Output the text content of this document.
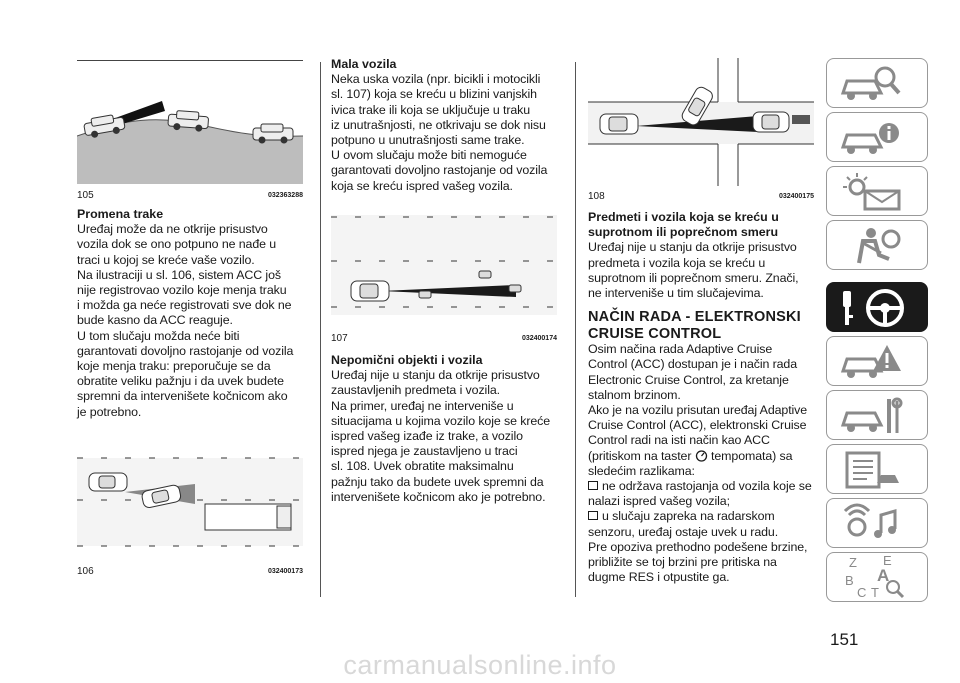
105	032363288

Promena trake

Uređaj može da ne otkrije prisustvo
vozila dok se ono potpuno ne nađe u
traci u kojoj se kreće vaše vozilo.

Na ilustraciji u sl. 106, sistem ACC još
nije registrovao vozilo koje menja traku
i možda ga neće registrovati sve dok ne
bude kasno da ACC reaguje.

U tom slučaju možda neće biti
garantovati dovoljno rastojanje od vozila
koje menja traku: preporučuje se da
obratite veliku pažnju i da uvek budete
spremni da intervenišete kočnicom ako
je potrebno.

106	032400173

Mala vozila

Neka uska vozila (npr. bicikli i motocikli
sl. 107) koja se kreću u blizini vanjskih
ivica trake ili koja se uključuje u traku
iz unutrašnjosti, ne otkrivaju se dok nisu
potpuno u unutrašnjosti same trake.

U ovom slučaju može biti nemoguće
garantovati dovoljno rastojanje od vozila
koja se kreću ispred vašeg vozila.

107	032400174

Nepomični objekti i vozila

Uređaj nije u stanju da otkrije prisustvo
zaustavljenih predmeta i vozila.
Na primer, uređaj ne interveniše u
situacijama u kojima vozilo koje se kreće
ispred vašeg izađe iz trake, a vozilo
ispred njega je zaustavljeno u traci
sl. 108. Uvek obratite maksimalnu
pažnju tako da budete uvek spremni da
intervenišete kočnicom ako je potrebno.

108	032400175

Predmeti i vozila koja se kreću u
suprotnom ili poprečnom smeru

Uređaj nije u stanju da otkrije prisustvo
predmeta i vozila koja se kreću u
suprotnom ili poprečnom smeru. Znači,
ne interveniše u tim slučajevima.

NAČIN RADA - ELEKTRONSKI
CRUISE CONTROL

Osim načina rada Adaptive Cruise
Control (ACC) dostupan je i način rada
Electronic Cruise Control, za kretanje
stalnom brzinom.

Ako je na vozilu prisutan uređaj Adaptive
Cruise Control (ACC), elektronski Cruise
Control radi na isti način kao ACC
(pritiskom na taster  tempomata) sa
sledećim razlikama:

ne održava rastojanja od vozila koje se
nalazi ispred vašeg vozila;

u slučaju zapreka na radarskom
senzoru, uređaj ostaje uvek u radu.

Pre opoziva prethodno podešene brzine,
približite se toj brzini pre pritiska na
dugme RES i otpustite ga.

Z E
A
B
C T
151
carmanualsonline.info
